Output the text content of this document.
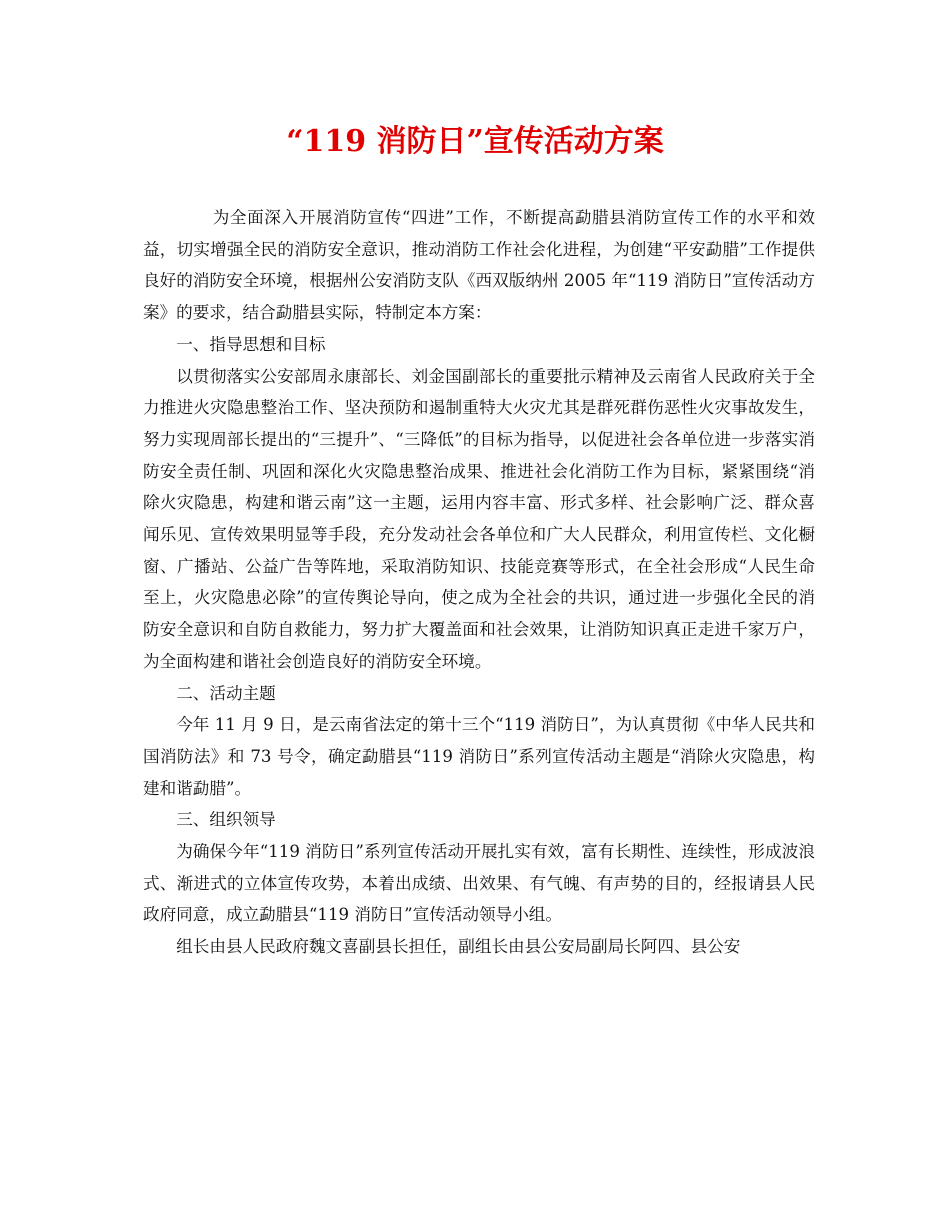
“119 消防日”宣传活动方案

为全面深入开展消防宣传“四进”工作，不断提高勐腊县消防宣传工作的水平和效益，切实增强全民的消防安全意识，推动消防工作社会化进程，为创建“平安勐腊”工作提供良好的消防安全环境，根据州公安消防支队《西双版纳州 2005 年“119 消防日”宣传活动方案》的要求，结合勐腊县实际，特制定本方案：

一、指导思想和目标

以贯彻落实公安部周永康部长、刘金国副部长的重要批示精神及云南省人民政府关于全力推进火灾隐患整治工作、坚决预防和遏制重特大火灾尤其是群死群伤恶性火灾事故发生，努力实现周部长提出的“三提升”、“三降低”的目标为指导，以促进社会各单位进一步落实消防安全责任制、巩固和深化火灾隐患整治成果、推进社会化消防工作为目标，紧紧围绕“消除火灾隐患，构建和谐云南”这一主题，运用内容丰富、形式多样、社会影响广泛、群众喜闻乐见、宣传效果明显等手段，充分发动社会各单位和广大人民群众，利用宣传栏、文化橱窗、广播站、公益广告等阵地，采取消防知识、技能竞赛等形式，在全社会形成“人民生命至上，火灾隐患必除”的宣传舆论导向，使之成为全社会的共识，通过进一步强化全民的消防安全意识和自防自救能力，努力扩大覆盖面和社会效果，让消防知识真正走进千家万户，为全面构建和谐社会创造良好的消防安全环境。

二、活动主题

今年 11 月 9 日，是云南省法定的第十三个“119 消防日”，为认真贯彻《中华人民共和国消防法》和 73 号令，确定勐腊县“119 消防日”系列宣传活动主题是“消除火灾隐患，构建和谐勐腊”。

三、组织领导

为确保今年“119 消防日”系列宣传活动开展扎实有效，富有长期性、连续性，形成波浪式、渐进式的立体宣传攻势，本着出成绩、出效果、有气魄、有声势的目的，经报请县人民政府同意，成立勐腊县“119 消防日”宣传活动领导小组。

组长由县人民政府魏文喜副县长担任，副组长由县公安局副局长阿四、县公安
